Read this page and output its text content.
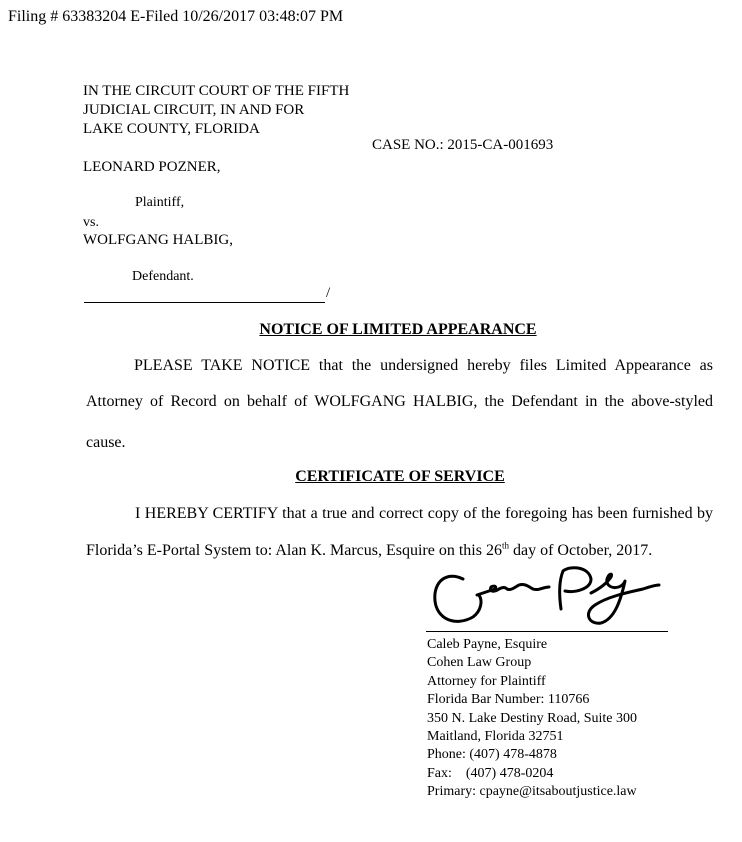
Filing # 63383204 E-Filed 10/26/2017 03:48:07 PM
IN THE CIRCUIT COURT OF THE FIFTH
JUDICIAL CIRCUIT, IN AND FOR
LAKE COUNTY, FLORIDA
CASE NO.: 2015-CA-001693
LEONARD POZNER,
Plaintiff,
vs.
WOLFGANG HALBIG,
Defendant.
/
NOTICE OF LIMITED APPEARANCE
PLEASE TAKE NOTICE that the undersigned hereby files Limited Appearance as
Attorney of Record on behalf of WOLFGANG HALBIG, the Defendant in the above-styled
cause.
CERTIFICATE OF SERVICE
I HEREBY CERTIFY that a true and correct copy of the foregoing has been furnished by
Florida’s E-Portal System to: Alan K. Marcus, Esquire on this 26th day of October, 2017.
Caleb Payne, Esquire
Cohen Law Group
Attorney for Plaintiff
Florida Bar Number: 110766
350 N. Lake Destiny Road, Suite 300
Maitland, Florida 32751
Phone: (407) 478-4878
Fax:    (407) 478-0204
Primary: cpayne@itsaboutjustice.law
